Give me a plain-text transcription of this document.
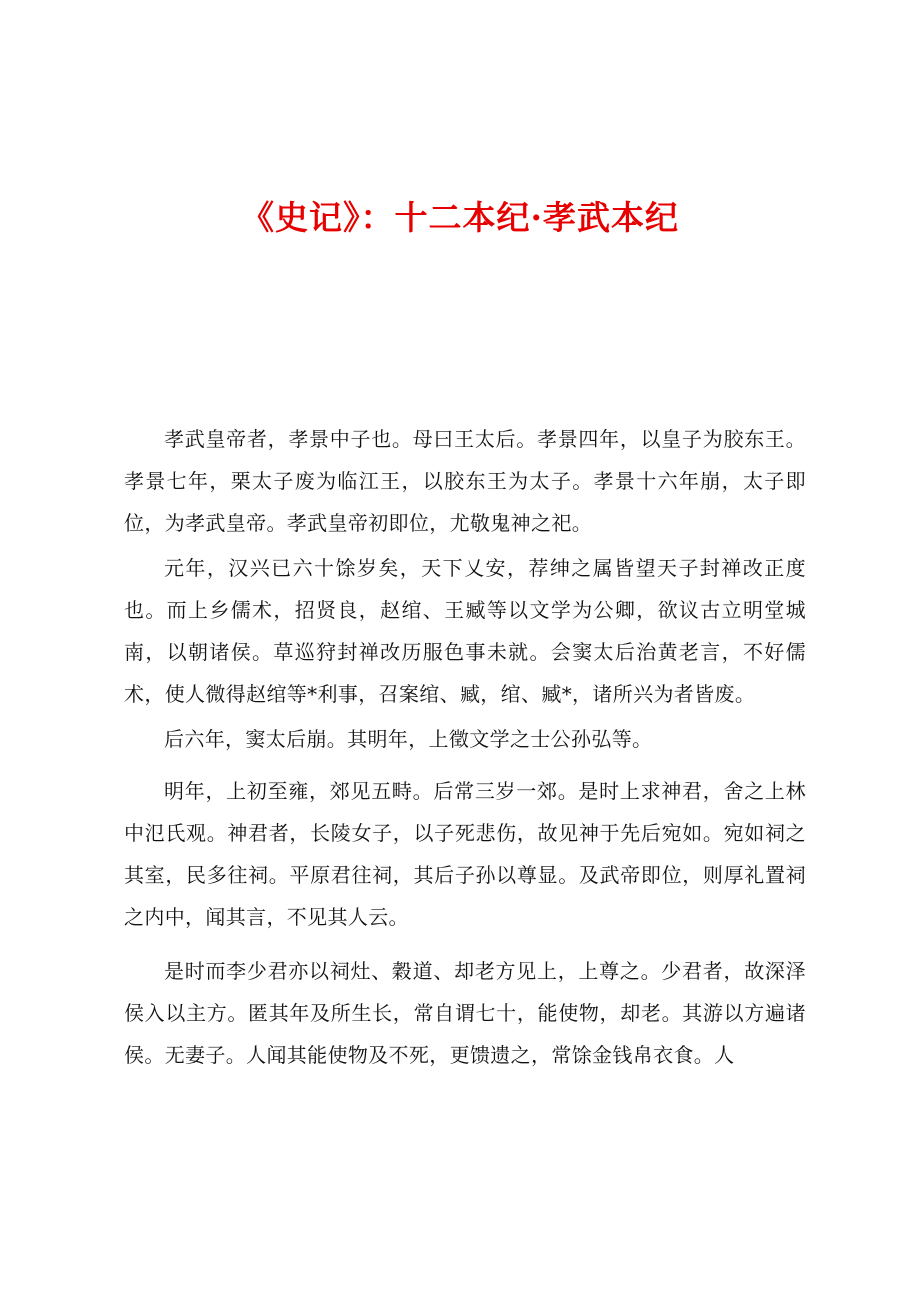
《史记》：十二本纪·孝武本纪

孝武皇帝者，孝景中子也。母曰王太后。孝景四年，以皇子为胶东王。孝景七年，栗太子废为临江王，以胶东王为太子。孝景十六年崩，太子即位，为孝武皇帝。孝武皇帝初即位，尤敬鬼神之祀。

元年，汉兴已六十馀岁矣，天下乂安，荐绅之属皆望天子封禅改正度也。而上乡儒术，招贤良，赵绾、王臧等以文学为公卿，欲议古立明堂城南，以朝诸侯。草巡狩封禅改历服色事未就。会窦太后治黄老言，不好儒术，使人微得赵绾等*利事，召案绾、臧，绾、臧*，诸所兴为者皆废。

后六年，窦太后崩。其明年，上徵文学之士公孙弘等。

明年，上初至雍，郊见五畤。后常三岁一郊。是时上求神君，舍之上林中氾氏观。神君者，长陵女子，以子死悲伤，故见神于先后宛如。宛如祠之其室，民多往祠。平原君往祠，其后子孙以尊显。及武帝即位，则厚礼置祠之内中，闻其言，不见其人云。

是时而李少君亦以祠灶、穀道、却老方见上，上尊之。少君者，故深泽侯入以主方。匿其年及所生长，常自谓七十，能使物，却老。其游以方遍诸侯。无妻子。人闻其能使物及不死，更馈遗之，常馀金钱帛衣食。人
